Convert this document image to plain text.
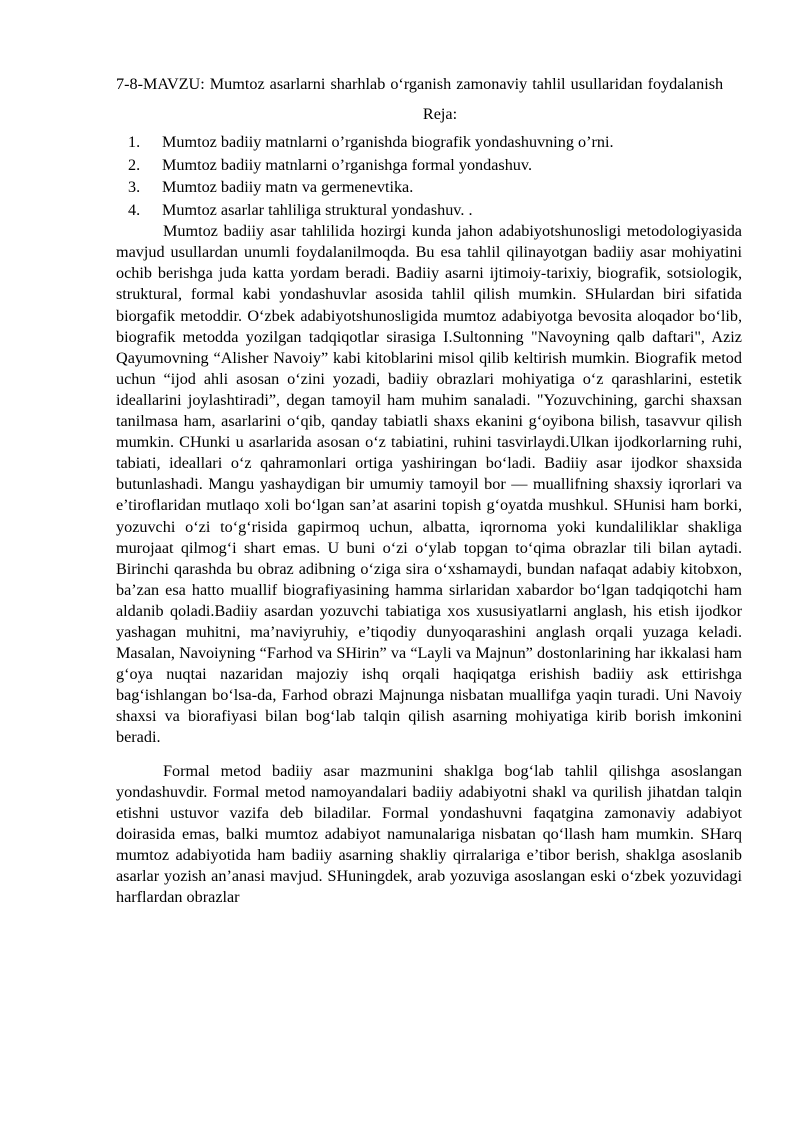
7-8-MAVZU: Mumtoz asarlarni sharhlab o‘rganish zamonaviy tahlil usullaridan foydalanish
Reja:
1. Mumtoz badiiy matnlarni o’rganishda biografik yondashuvning o’rni.
2. Mumtoz badiiy matnlarni o’rganishga formal yondashuv.
3. Mumtoz badiiy matn va germenevtika.
4. Mumtoz asarlar tahliliga struktural yondashuv. .

Mumtoz badiiy asar tahlilida hozirgi kunda jahon adabiyotshunosligi metodologiyasida mavjud usullardan unumli foydalanilmoqda. Bu esa tahlil qilinayotgan badiiy asar mohiyatini ochib berishga juda katta yordam beradi. Badiiy asarni ijtimoiy-tarixiy, biografik, sotsiologik, struktural, formal kabi yondashuvlar asosida tahlil qilish mumkin. SHulardan biri sifatida biorgafik metoddir. O‘zbek adabiyotshunosligida mumtoz adabiyotga bevosita aloqador bo‘lib, biografik metodda yozilgan tadqiqotlar sirasiga I.Sultonning "Navoyning qalb daftari", Aziz Qayumovning “Alisher Navoiy” kabi kitoblarini misol qilib keltirish mumkin. Biografik metod uchun “ijod ahli asosan o‘zini yozadi, badiiy obrazlari mohiyatiga o‘z qarashlarini, estetik ideallarini joylashtiradi”, degan tamoyil ham muhim sanaladi. "Yozuvchining, garchi shaxsan tanilmasa ham, asarlarini o‘qib, qanday tabiatli shaxs ekanini g‘oyibona bilish, tasavvur qilish mumkin. CHunki u asarlarida asosan o‘z tabiatini, ruhini tasvirlaydi.Ulkan ijodkorlarning ruhi, tabiati, ideallari o‘z qahramonlari ortiga yashiringan bo‘ladi. Badiiy asar ijodkor shaxsida butunlashadi. Mangu yashaydigan bir umumiy tamoyil bor — muallifning shaxsiy iqrorlari va e’tiroflaridan mutlaqo xoli bo‘lgan san’at asarini topish g‘oyatda mushkul. SHunisi ham borki, yozuvchi o‘zi to‘g‘risida gapirmoq uchun, albatta, iqrornoma yoki kundaliliklar shakliga murojaat qilmog‘i shart emas. U buni o‘zi o‘ylab topgan to‘qima obrazlar tili bilan aytadi. Birinchi qarashda bu obraz adibning o‘ziga sira o‘xshamaydi, bundan nafaqat adabiy kitobxon, ba’zan esa hatto muallif biografiyasining hamma sirlaridan xabardor bo‘lgan tadqiqotchi ham aldanib qoladi.Badiiy asardan yozuvchi tabiatiga xos xususiyatlarni anglash, his etish ijodkor yashagan muhitni, ma’naviyruhiy, e’tiqodiy dunyoqarashini anglash orqali yuzaga keladi. Masalan, Navoiyning “Farhod va SHirin” va “Layli va Majnun” dostonlarining har ikkalasi ham g‘oya nuqtai nazaridan majoziy ishq orqali haqiqatga erishish badiiy ask ettirishga bag‘ishlangan bo‘lsa-da, Farhod obrazi Majnunga nisbatan muallifga yaqin turadi. Uni Navoiy shaxsi va biorafiyasi bilan bog‘lab talqin qilish asarning mohiyatiga kirib borish imkonini beradi.

Formal metod badiiy asar mazmunini shaklga bog‘lab tahlil qilishga asoslangan yondashuvdir. Formal metod namoyandalari badiiy adabiyotni shakl va qurilish jihatdan talqin etishni ustuvor vazifa deb biladilar. Formal yondashuvni faqatgina zamonaviy adabiyot doirasida emas, balki mumtoz adabiyot namunalariga nisbatan qo‘llash ham mumkin. SHarq mumtoz adabiyotida ham badiiy asarning shakliy qirralariga e’tibor berish, shaklga asoslanib asarlar yozish an’anasi mavjud. SHuningdek, arab yozuviga asoslangan eski o‘zbek yozuvidagi harflardan obrazlar
